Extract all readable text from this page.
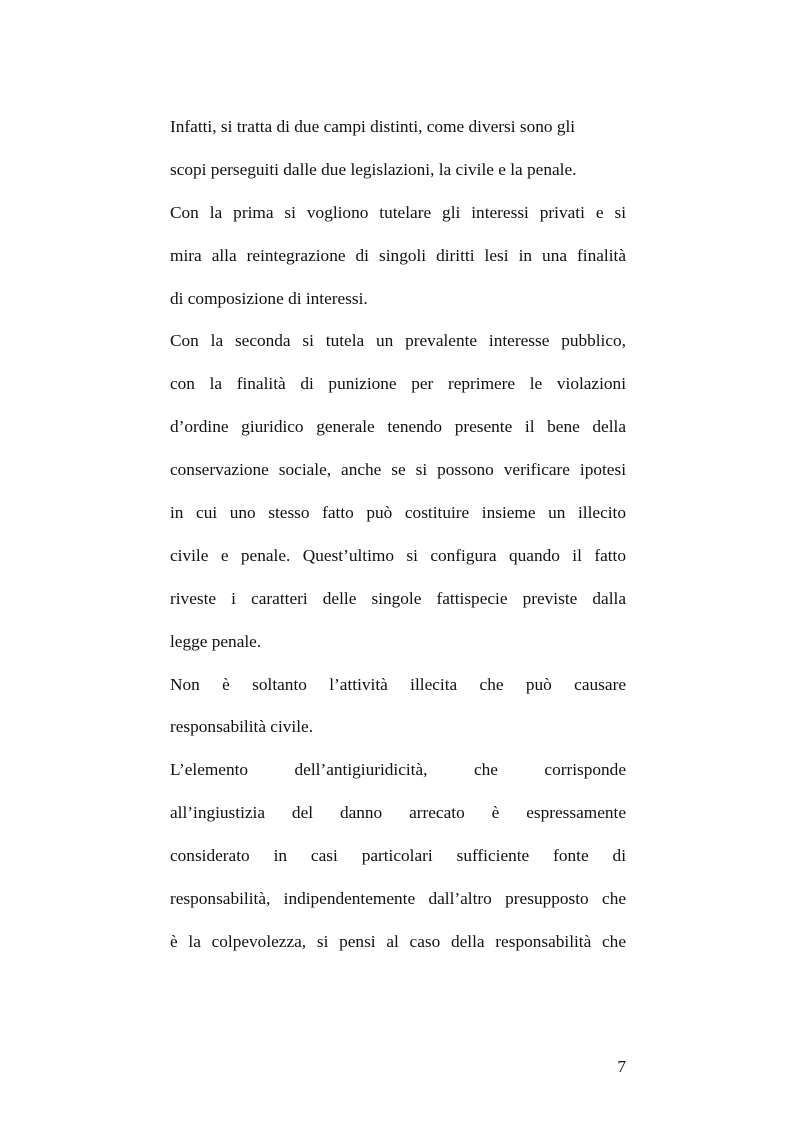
Infatti, si tratta di due campi distinti, come diversi sono gli
scopi perseguiti dalle due legislazioni, la civile e la penale.
Con la prima si vogliono tutelare gli interessi privati e si
mira alla reintegrazione di singoli diritti lesi in una finalità
di composizione di interessi.
Con la seconda si tutela un prevalente interesse pubblico,
con la finalità di punizione per reprimere le violazioni
d’ordine giuridico generale tenendo presente il bene della
conservazione sociale, anche se si possono verificare ipotesi
in cui uno stesso fatto può costituire insieme un illecito
civile e penale. Quest’ultimo si configura quando il fatto
riveste i caratteri delle singole fattispecie previste dalla
legge penale.
Non è soltanto l’attività illecita che può causare
responsabilità civile.
L’elemento dell’antigiuridicità, che corrisponde
all’ingiustizia del danno arrecato è espressamente
considerato in casi particolari sufficiente fonte di
responsabilità, indipendentemente dall’altro presupposto che
è la colpevolezza, si pensi al caso della responsabilità che
7
